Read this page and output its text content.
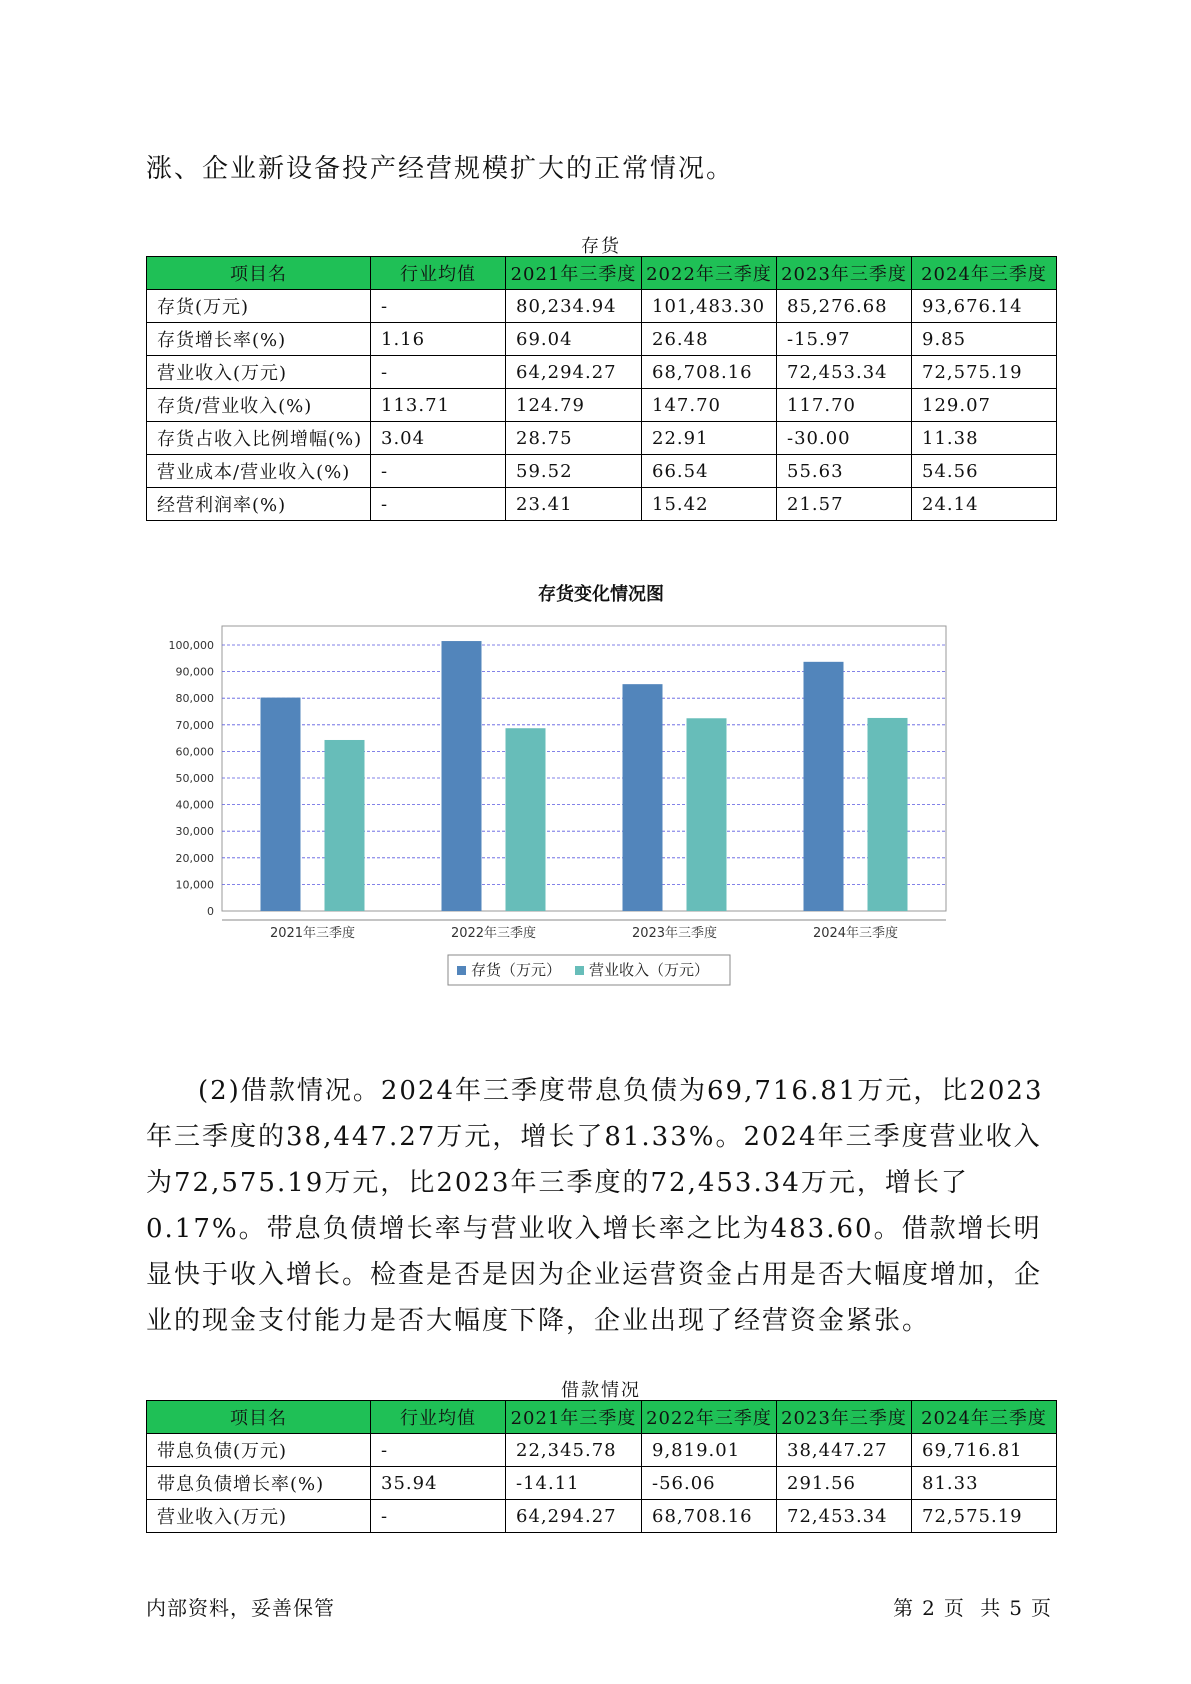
涨、企业新设备投产经营规模扩大的正常情况。

存货
项目名	行业均值	2021年三季度	2022年三季度	2023年三季度	2024年三季度
存货(万元)	-	80,234.94	101,483.30	85,276.68	93,676.14
存货增长率(%)	1.16	69.04	26.48	-15.97	9.85
营业收入(万元)	-	64,294.27	68,708.16	72,453.34	72,575.19
存货/营业收入(%)	113.71	124.79	147.70	117.70	129.07
存货占收入比例增幅(%)	3.04	28.75	22.91	-30.00	11.38
营业成本/营业收入(%)	-	59.52	66.54	55.63	54.56
经营利润率(%)	-	23.41	15.42	21.57	24.14
存货变化情况图
0
10,000
20,000
30,000
40,000
50,000
60,000
70,000
80,000
90,000
100,000
2021年三季度	2022年三季度	2023年三季度	2024年三季度
存货（万元） 营业收入（万元）

(2)借款情况。2024年三季度带息负债为69,716.81万元，比2023年三季度的38,447.27万元，增长了81.33%。2024年三季度营业收入为72,575.19万元，比2023年三季度的72,453.34万元，增长了0.17%。带息负债增长率与营业收入增长率之比为483.60。借款增长明显快于收入增长。检查是否是因为企业运营资金占用是否大幅度增加，企业的现金支付能力是否大幅度下降，企业出现了经营资金紧张。

借款情况
项目名	行业均值	2021年三季度	2022年三季度	2023年三季度	2024年三季度
带息负债(万元)	-	22,345.78	9,819.01	38,447.27	69,716.81
带息负债增长率(%)	35.94	-14.11	-56.06	291.56	81.33
营业收入(万元)	-	64,294.27	68,708.16	72,453.34	72,575.19
内部资料，妥善保管	第 2 页 共 5 页
